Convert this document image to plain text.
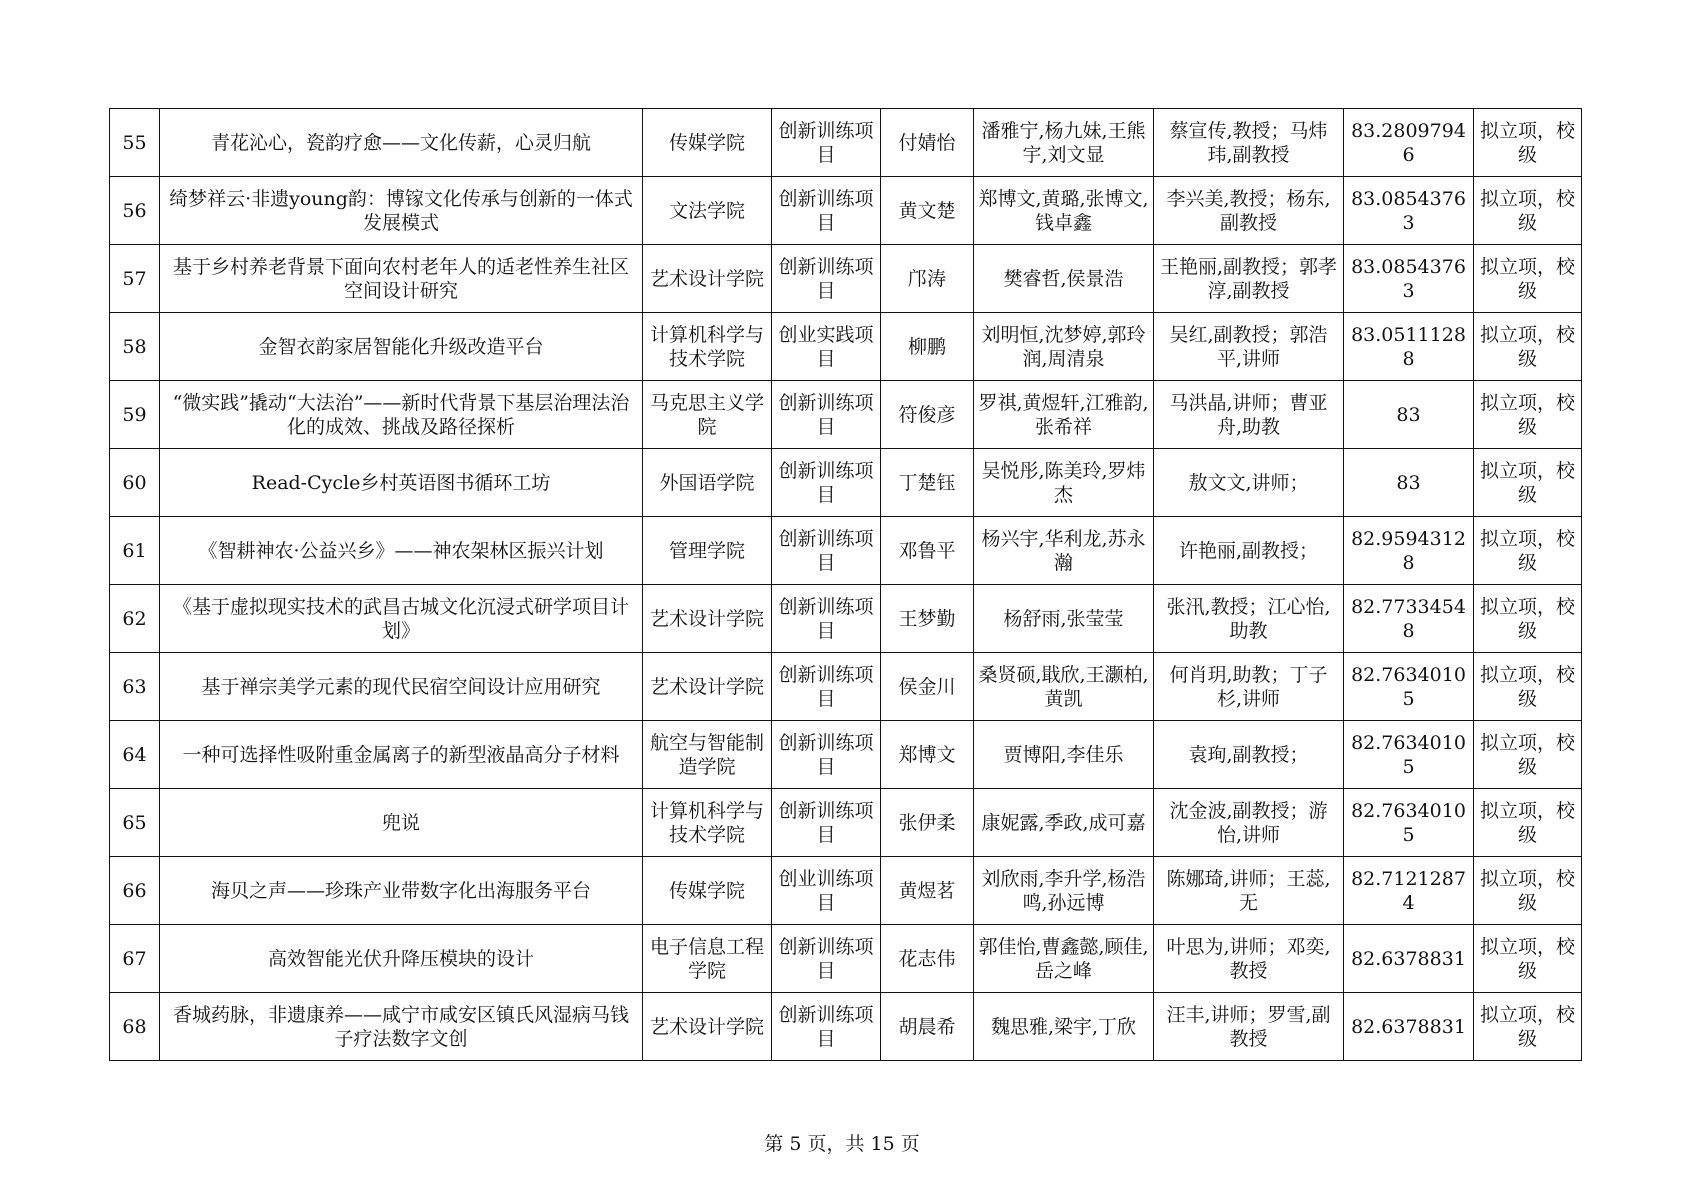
55	青花沁心，瓷韵疗愈——文化传薪，心灵归航	传媒学院	创新训练项目	付婧怡	潘雅宁,杨九妹,王熊宇,刘文显	蔡宣传,教授；马炜玮,副教授	83.28097946	拟立项，校级
56	绮梦祥云·非遗young韵：博镓文化传承与创新的一体式发展模式	文法学院	创新训练项目	黄文楚	郑博文,黄璐,张博文,钱卓鑫	李兴美,教授；杨东,副教授	83.08543763	拟立项，校级
57	基于乡村养老背景下面向农村老年人的适老性养生社区空间设计研究	艺术设计学院	创新训练项目	邝涛	樊睿哲,侯景浩	王艳丽,副教授；郭孝淳,副教授	83.08543763	拟立项，校级
58	金智衣韵家居智能化升级改造平台	计算机科学与技术学院	创业实践项目	柳鹏	刘明恒,沈梦婷,郭玲润,周清泉	吴红,副教授；郭浩平,讲师	83.05111288	拟立项，校级
59	“微实践”撬动“大法治”——新时代背景下基层治理法治化的成效、挑战及路径探析	马克思主义学院	创新训练项目	符俊彦	罗祺,黄煜轩,江雅韵,张希祥	马洪晶,讲师；曹亚舟,助教	83	拟立项，校级
60	Read-Cycle乡村英语图书循环工坊	外国语学院	创新训练项目	丁楚钰	吴悦彤,陈美玲,罗炜杰	敖文文,讲师；	83	拟立项，校级
61	《智耕神农·公益兴乡》——神农架林区振兴计划	管理学院	创新训练项目	邓鲁平	杨兴宇,华利龙,苏永瀚	许艳丽,副教授；	82.95943128	拟立项，校级
62	《基于虚拟现实技术的武昌古城文化沉浸式研学项目计划》	艺术设计学院	创新训练项目	王梦勤	杨舒雨,张莹莹	张汛,教授；江心怡,助教	82.77334548	拟立项，校级
63	基于禅宗美学元素的现代民宿空间设计应用研究	艺术设计学院	创新训练项目	侯金川	桑贤硕,戢欣,王灏柏,黄凯	何肖玥,助教；丁子杉,讲师	82.76340105	拟立项，校级
64	一种可选择性吸附重金属离子的新型液晶高分子材料	航空与智能制造学院	创新训练项目	郑博文	贾博阳,李佳乐	袁珣,副教授；	82.76340105	拟立项，校级
65	兜说	计算机科学与技术学院	创新训练项目	张伊柔	康妮露,季政,成可嘉	沈金波,副教授；游怡,讲师	82.76340105	拟立项，校级
66	海贝之声——珍珠产业带数字化出海服务平台	传媒学院	创业训练项目	黄煜茗	刘欣雨,李升学,杨浩鸣,孙远博	陈娜琦,讲师；王蕊,无	82.71212874	拟立项，校级
67	高效智能光伏升降压模块的设计	电子信息工程学院	创新训练项目	花志伟	郭佳怡,曹鑫懿,顾佳,岳之峰	叶思为,讲师；邓奕,教授	82.6378831	拟立项，校级
68	香城药脉，非遗康养——咸宁市咸安区镇氏风湿病马钱子疗法数字文创	艺术设计学院	创新训练项目	胡晨希	魏思雅,梁宇,丁欣	汪丰,讲师；罗雪,副教授	82.6378831	拟立项，校级
第 5 页，共 15 页
